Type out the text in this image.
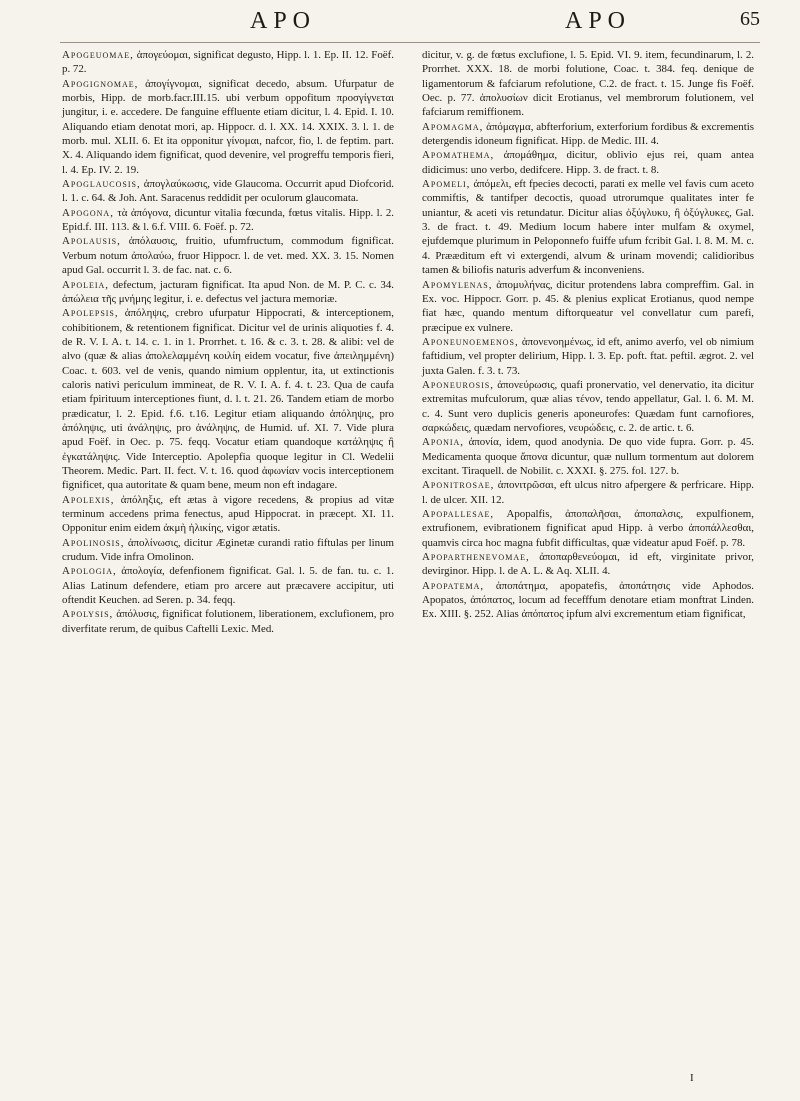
APO	APO	65

Apogeuomae, ἀπογεύομαι, significat degusto, Hipp. l. 1. Ep. II. 12. Foëf. p. 72.

Apogignomae, ἀπογίγνομαι, significat decedo, absum. Ufurpatur de morbis, Hipp. de morb.facr.III.15. ubi verbum oppofitum προσγίγνεται jungitur, i. e. accedere. De fanguine effluente etiam dicitur, l. 4. Epid. I. 10. Aliquando etiam denotat mori, ap. Hippocr. d. l. XX. 14. XXIX. 3. l. 1. de morb. mul. XLII. 6. Et ita opponitur γίνομαι, nafcor, fio, l. de feptim. part. X. 4. Aliquando idem fignificat, quod devenire, vel progreffu temporis fieri, l. 4. Ep. IV. 2. 19.

Apoglaucosis, ἀπογλαύκωσις, vide Glaucoma. Occurrit apud Diofcorid. l. 1. c. 64. & Joh. Ant. Saracenus reddidit per oculorum glaucomata.

Apogona, τὰ ἀπόγονα, dicuntur vitalia fœcunda, fœtus vitalis. Hipp. l. 2. Epid.f. III. 113. & l. 6.f. VIII. 6. Foëf. p. 72.

Apolausis, ἀπόλαυσις, fruitio, ufumfructum, commodum fignificat. Verbum notum ἀπολαύω, fruor Hippocr. l. de vet. med. XX. 3. 15. Nomen apud Gal. occurrit l. 3. de fac. nat. c. 6.

Apoleia, defectum, jacturam fignificat. Ita apud Non. de M. P. C. c. 34. ἀπώλεια τῆς μνήμης legitur, i. e. defectus vel jactura memoriæ.

Apolepsis, ἀπόληψις, crebro ufurpatur Hippocrati, & interceptionem, cohibitionem, & retentionem fignificat. Dicitur vel de urinis aliquoties f. 4. de R. V. I. A. t. 14. c. 1. in 1. Prorrhet. t. 16. & c. 3. t. 28. & alibi: vel de alvo (quæ & alias ἀπολελαμμένη κοιλίη eidem vocatur, five ἀπειλημμένη) Coac. t. 603. vel de venis, quando nimium opplentur, ita, ut extinctionis caloris nativi periculum immineat, de R. V. I. A. f. 4. t. 23. Qua de caufa etiam fpirituum interceptiones fiunt, d. l. t. 21. 26. Tandem etiam de morbo prædicatur, l. 2. Epid. f.6. t.16. Legitur etiam aliquando ἀπόληψις, pro ἀπόληψις, uti ἀνάληψις, pro ἀνάληψις, de Humid. uf. XI. 7. Vide plura apud Foëf. in Oec. p. 75. feqq. Vocatur etiam quandoque κατάληψις ἢ ἐγκατάληψις. Vide Interceptio. Apolepfia quoque legitur in Cl. Wedelii Theorem. Medic. Part. II. fect. V. t. 16. quod ἀφωνίαν vocis interceptionem fignificet, qua autoritate & quam bene, meum non eft indagare.

Apolexis, ἀπόληξις, eft ætas à vigore recedens, & propius ad vitæ terminum accedens prima fenectus, apud Hippocrat. in præcept. XI. 11. Opponitur enim eidem ἀκμὴ ἡλικίης, vigor ætatis.

Apolinosis, ἀπολίνωσις, dicitur Æginetæ curandi ratio fiftulas per linum crudum. Vide infra Omolinon.

Apologia, ἀπολογία, defenfionem fignificat. Gal. l. 5. de fan. tu. c. 1. Alias Latinum defendere, etiam pro arcere aut præcavere accipitur, uti oftendit Keuchen. ad Seren. p. 34. feqq.

Apolysis, ἀπόλυσις, fignificat folutionem, liberationem, exclufionem, pro diverfitate rerum, de quibus Caftelli Lexic. Med.

dicitur, v. g. de fœtus exclufione, l. 5. Epid. VI. 9. item, fecundinarum, l. 2. Prorrhet. XXX. 18. de morbi folutione, Coac. t. 384. feq. denique de ligamentorum & fafciarum refolutione, C.2. de fract. t. 15. Junge fis Foëf. Oec. p. 77. ἀπολυσίων dicit Erotianus, vel membrorum folutionem, vel fafciarum remiffionem.

Apomagma, ἀπόμαγμα, abfterforium, exterforium fordibus & excrementis detergendis idoneum fignificat. Hipp. de Medic. III. 4.

Apomathema, ἀπομάθημα, dicitur, oblivio ejus rei, quam antea didicimus: uno verbo, dedifcere. Hipp. 3. de fract. t. 8.

Apomeli, ἀπόμελι, eft fpecies decocti, parati ex melle vel favis cum aceto commiftis, & tantifper decoctis, quoad utrorumque qualitates inter fe uniantur, & aceti vis retundatur. Dicitur alias ὀξύγλυκυ, ἢ ὀξύγλυκες, Gal. 3. de fract. t. 49. Medium locum habere inter mulfam & oxymel, ejufdemque plurimum in Peloponnefo fuiffe ufum fcribit Gal. l. 8. M. M. c. 4. Prææditum eft vi extergendi, alvum & urinam movendi; calidioribus tamen & biliofis naturis adverfum & inconveniens.

Apomylenas, ἀπομυλήνας, dicitur protendens labra compreffim. Gal. in Ex. voc. Hippocr. Gorr. p. 45. & plenius explicat Erotianus, quod nempe fiat hæc, quando mentum diftorqueatur vel convellatur cum parefi, præcipue ex vulnere.

Aponeunoemenos, ἀπονενοημένως, id eft, animo averfo, vel ob nimium faftidium, vel propter delirium, Hipp. l. 3. Ep. poft. ftat. peftil. ægrot. 2. vel juxta Galen. f. 3. t. 73.

Aponeurosis, ἀπονεύρωσις, quafi pronervatio, vel denervatio, ita dicitur extremitas mufculorum, quæ alias τένον, tendo appellatur, Gal. l. 6. M. M. c. 4. Sunt vero duplicis generis aponeurofes: Quædam funt carnofiores, σαρκώδεις, quædam nervofiores, νευρώδεις, c. 2. de artic. t. 6.

Aponia, ἀπονία, idem, quod anodynia. De quo vide fupra. Gorr. p. 45. Medicamenta quoque ἄπονα dicuntur, quæ nullum tormentum aut dolorem excitant. Tiraquell. de Nobilit. c. XXXI. §. 275. fol. 127. b.

Aponitrosae, ἀπονιτρῶσαι, eft ulcus nitro afpergere & perfricare. Hipp. l. de ulcer. XII. 12.

Apopallesae, Apopalfis, ἀποπαλῆσαι, ἀποπαλσις, expulfionem, extrufionem, evibrationem fignificat apud Hipp. à verbo ἀποπάλλεσθαι, quamvis circa hoc magna fubfit difficultas, quæ videatur apud Foëf. p. 78.

Apoparthenevomae, ἀποπαρθενεύομαι, id eft, virginitate privor, devirginor. Hipp. l. de A. L. & Aq. XLII. 4.

Apopatema, ἀποπάτημα, apopatefis, ἀποπάτησις vide Aphodos. Apopatos, ἀπόπατος, locum ad fecefffum denotare etiam monftrat Linden. Ex. XIII. §. 252. Alias ἀπόπατος ipfum alvi excrementum etiam fignificat,

I
